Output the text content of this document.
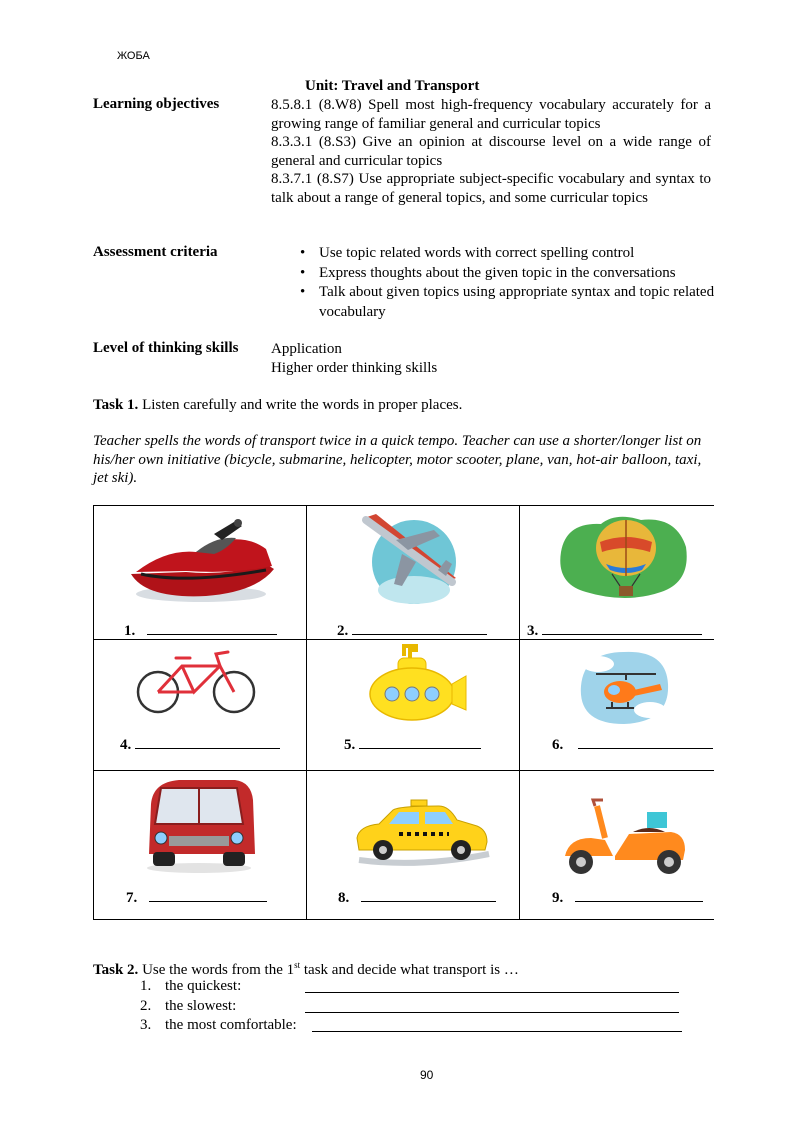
ЖОБА
Unit: Travel and Transport
Learning objectives	8.5.8.1 (8.W8) Spell most high-frequency vocabulary accurately for a growing range of familiar general and curricular topics

8.3.3.1 (8.S3) Give an opinion at discourse level on a wide range of general and curricular topics

8.3.7.1 (8.S7) Use appropriate subject-specific vocabulary and syntax to talk about a range of general topics, and some curricular topics

Assessment criteria
•	Use topic related words with correct spelling control
• Express thoughts about the given topic in the conversations
• Talk about given topics using appropriate syntax and topic related vocabulary
Level of thinking skills Application
Higher order thinking skills
Task 1. Listen carefully and write the words in proper places.
Teacher spells the words of transport twice in a quick tempo. Teacher can use a shorter/longer list on his/her own initiative (bicycle, submarine, helicopter, motor scooter, plane, van, hot-air balloon, taxi, jet ski).
1.	2.	3.
4.	5.	6.
7.	8.	9.
Task 2. Use the words from the 1st task and decide what transport is …
1. the quickest:
2. the slowest:
3. the most comfortable:
90
